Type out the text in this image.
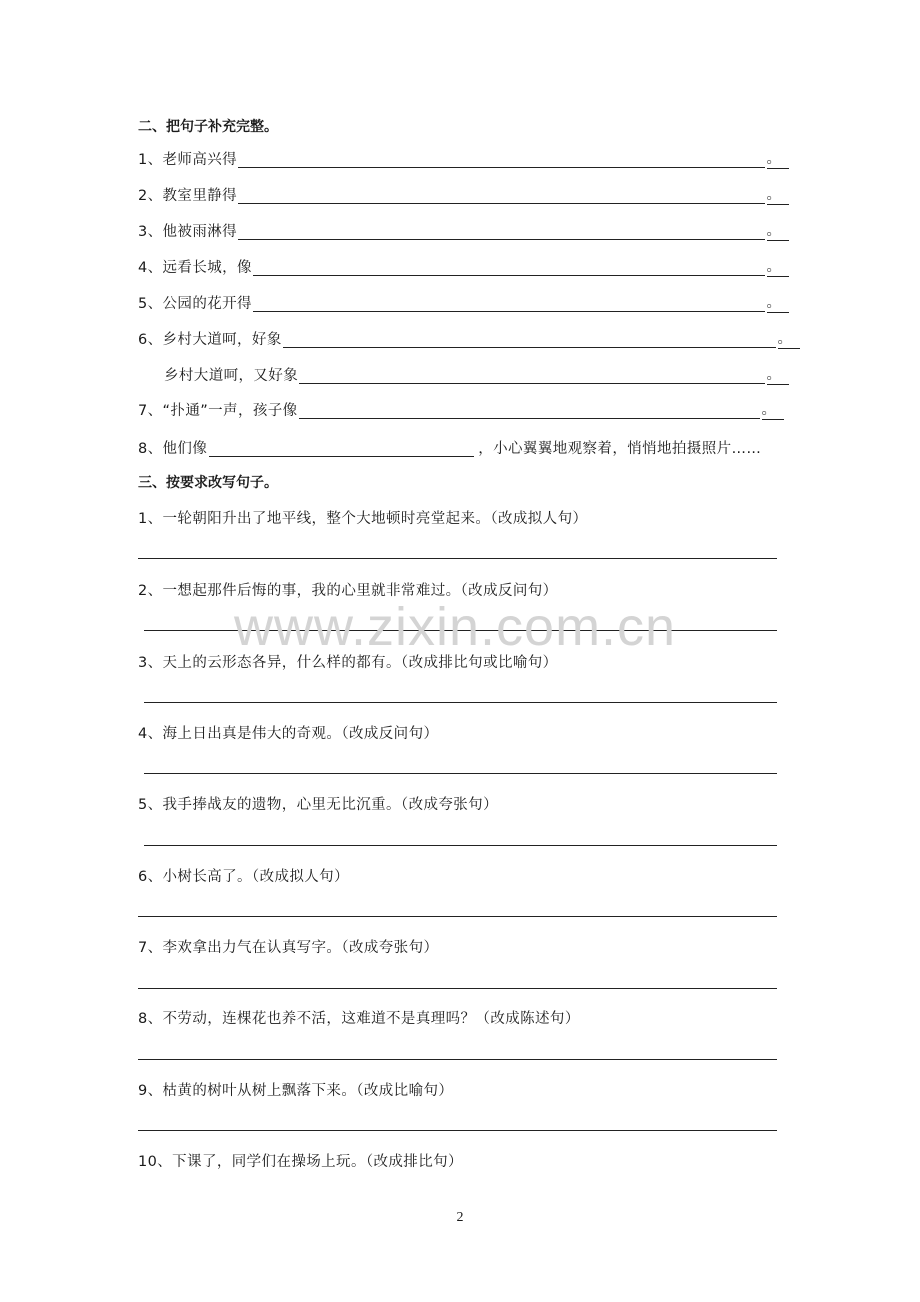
二、把句子补充完整。
1、老师高兴得	。
2、教室里静得	。
3、他被雨淋得	。
4、远看长城，像	。
5、公园的花开得	。
6、乡村大道呵，好象	。
乡村大道呵，又好象	。
7、“扑通”一声，孩子像	。
8、他们像	，小心翼翼地观察着，悄悄地拍摄照片……
三、按要求改写句子。
1、一轮朝阳升出了地平线，整个大地顿时亮堂起来。（改成拟人句）
2、一想起那件后悔的事，我的心里就非常难过。（改成反问句）
3、天上的云形态各异，什么样的都有。（改成排比句或比喻句）
4、海上日出真是伟大的奇观。（改成反问句）
5、我手捧战友的遗物，心里无比沉重。（改成夸张句）
6、小树长高了。（改成拟人句）
7、李欢拿出力气在认真写字。（改成夸张句）
8、不劳动，连棵花也养不活，这难道不是真理吗？（改成陈述句）
9、枯黄的树叶从树上飘落下来。（改成比喻句）
10、下课了，同学们在操场上玩。（改成排比句）
www.zixin.com.cn
2
